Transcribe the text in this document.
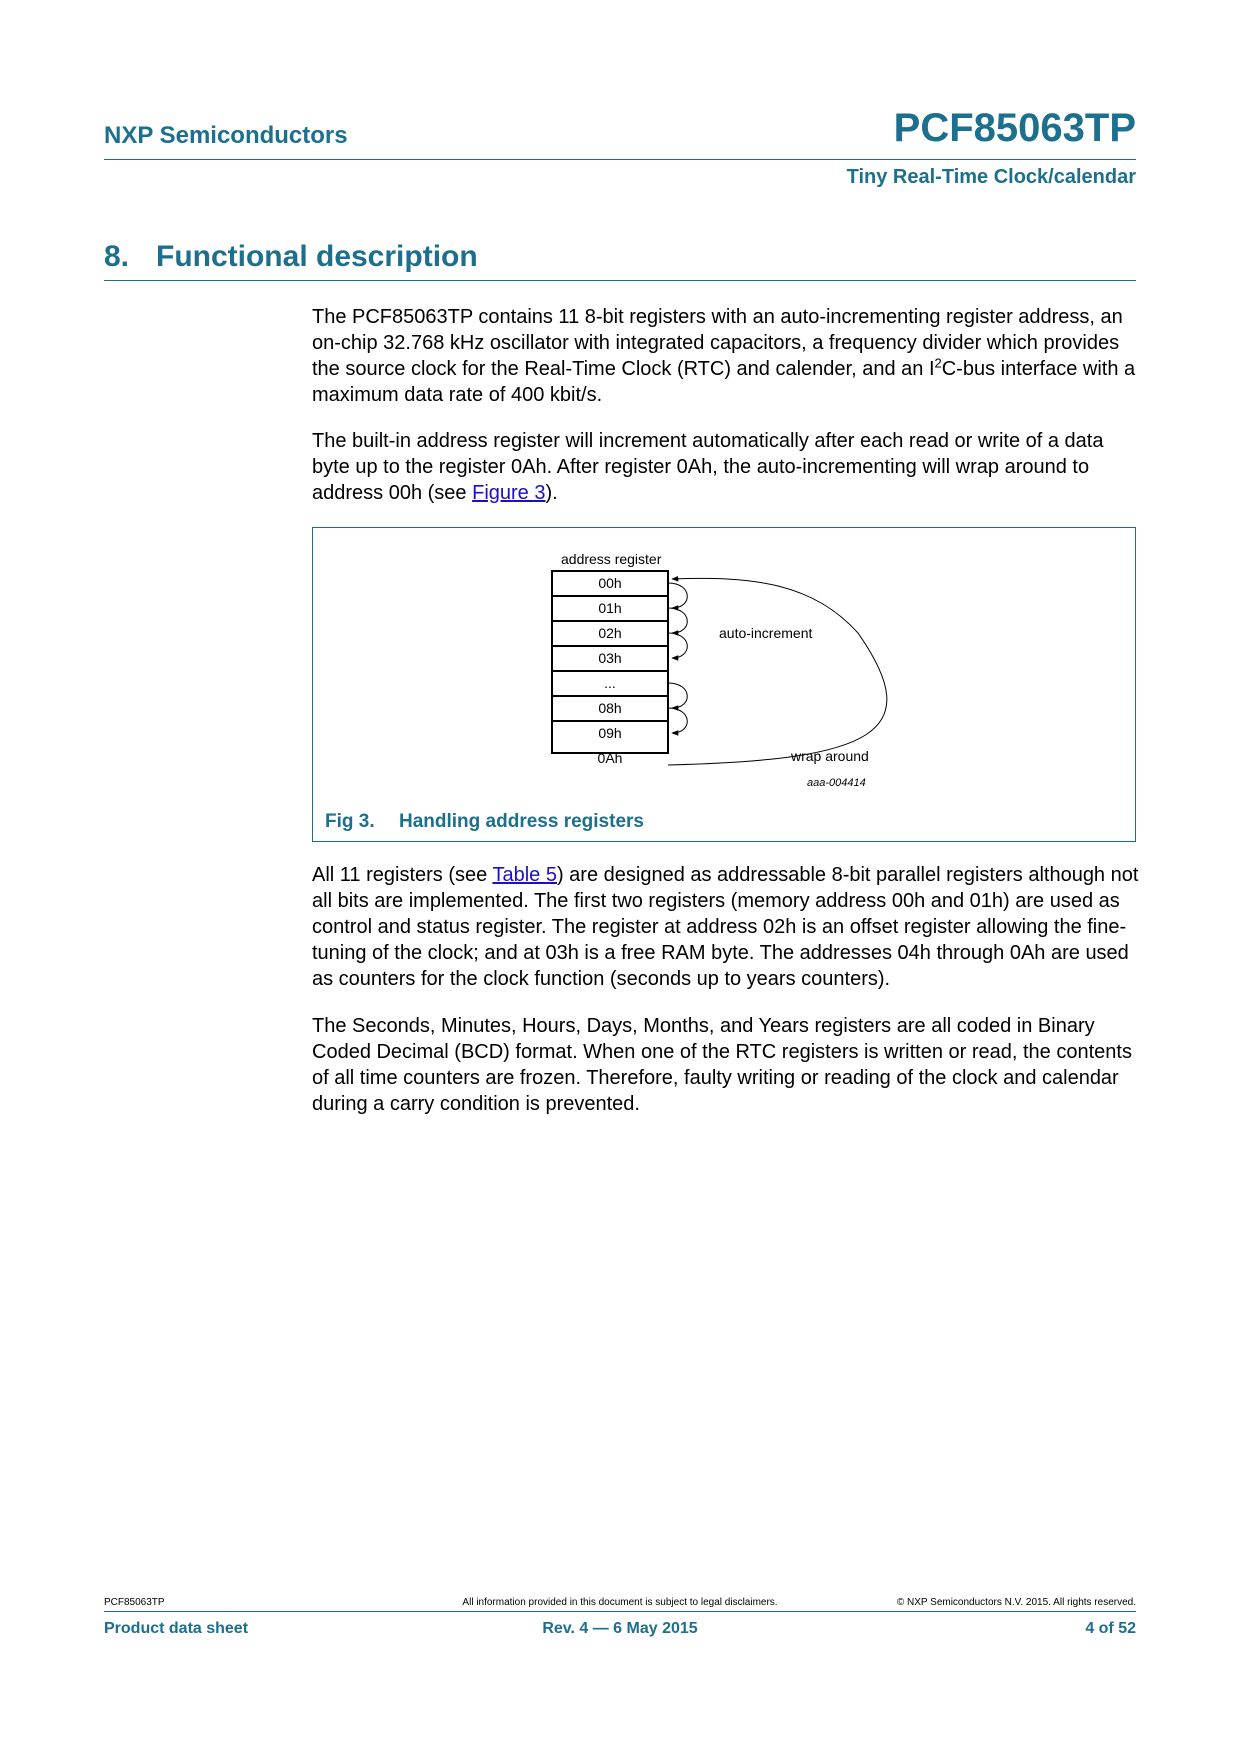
NXP Semiconductors	PCF85063TP
Tiny Real-Time Clock/calendar
8. Functional description

The PCF85063TP contains 11 8-bit registers with an auto-incrementing register address, an on-chip 32.768 kHz oscillator with integrated capacitors, a frequency divider which provides the source clock for the Real-Time Clock (RTC) and calender, and an $I^2C$-bus interface with a maximum data rate of 400 kbit/s.

The built-in address register will increment automatically after each read or write of a data byte up to the register 0Ah. After register 0Ah, the auto-incrementing will wrap around to address 00h (see Figure 3).

address register
00h
01h
02h
03h
...
08h
09h
0Ah
auto-increment
wrap around
aaa-004414
Fig 3. Handling address registers

All 11 registers (see Table 5) are designed as addressable 8-bit parallel registers although not all bits are implemented. The first two registers (memory address 00h and 01h) are used as control and status register. The register at address 02h is an offset register allowing the fine-tuning of the clock; and at 03h is a free RAM byte. The addresses 04h through 0Ah are used as counters for the clock function (seconds up to years counters).

The Seconds, Minutes, Hours, Days, Months, and Years registers are all coded in Binary Coded Decimal (BCD) format. When one of the RTC registers is written or read, the contents of all time counters are frozen. Therefore, faulty writing or reading of the clock and calendar during a carry condition is prevented.

PCF85063TP	All information provided in this document is subject to legal disclaimers.	© NXP Semiconductors N.V. 2015. All rights reserved.
Product data sheet	Rev. 4 — 6 May 2015	4 of 52
